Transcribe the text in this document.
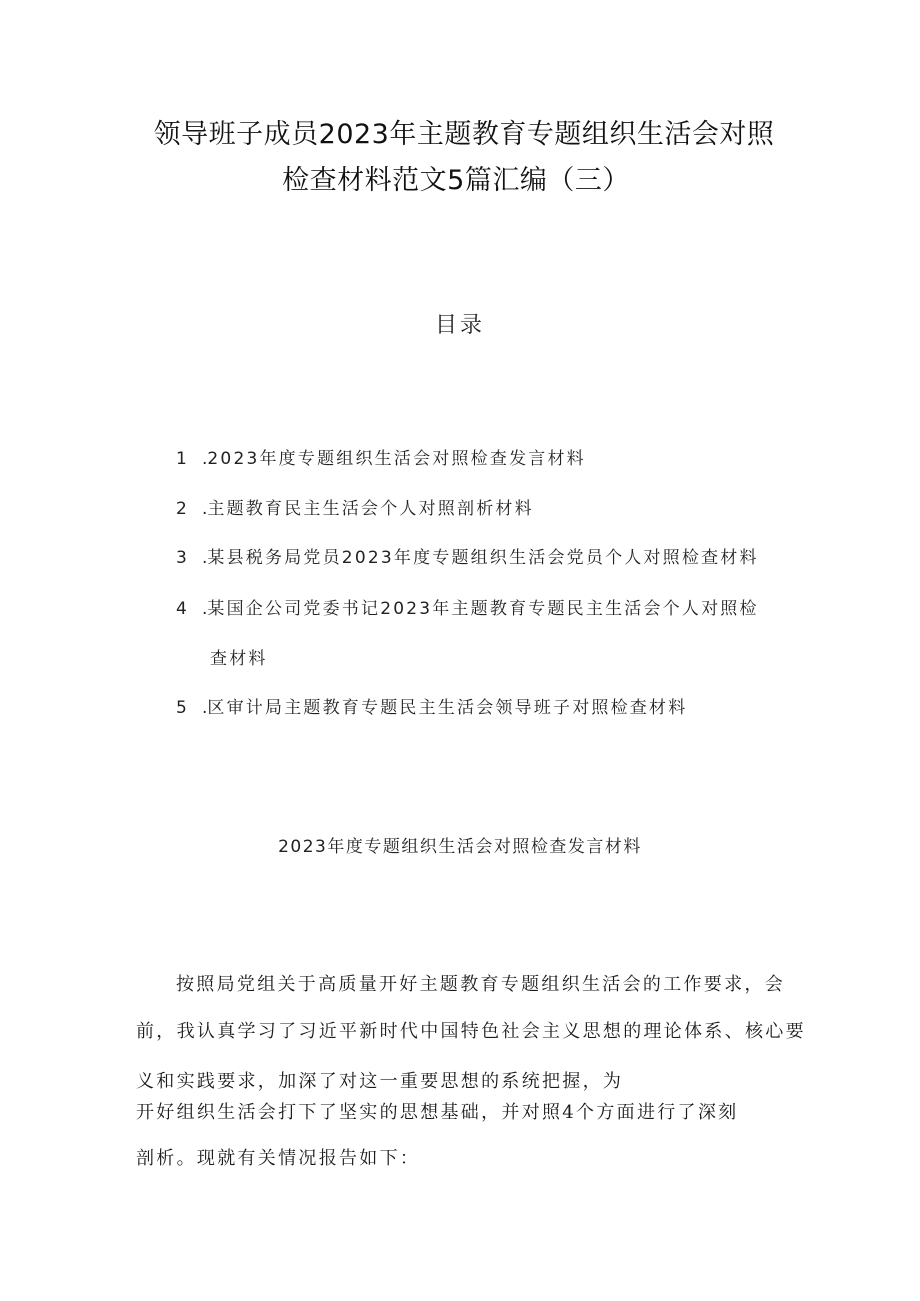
领导班子成员2023年主题教育专题组织生活会对照
检查材料范文5篇汇编（三）
目录
1 .2023年度专题组织生活会对照检查发言材料
2 .主题教育民主生活会个人对照剖析材料
3 .某县税务局党员2023年度专题组织生活会党员个人对照检查材料
4 .某国企公司党委书记2023年主题教育专题民主生活会个人对照检
查材料
5 .区审计局主题教育专题民主生活会领导班子对照检查材料
2023年度专题组织生活会对照检查发言材料
按照局党组关于高质量开好主题教育专题组织生活会的工作要求，会
前，我认真学习了习近平新时代中国特色社会主义思想的理论体系、核心要
义和实践要求，加深了对这一重要思想的系统把握，为
开好组织生活会打下了坚实的思想基础，并对照4个方面进行了深刻
剖析。现就有关情况报告如下：
